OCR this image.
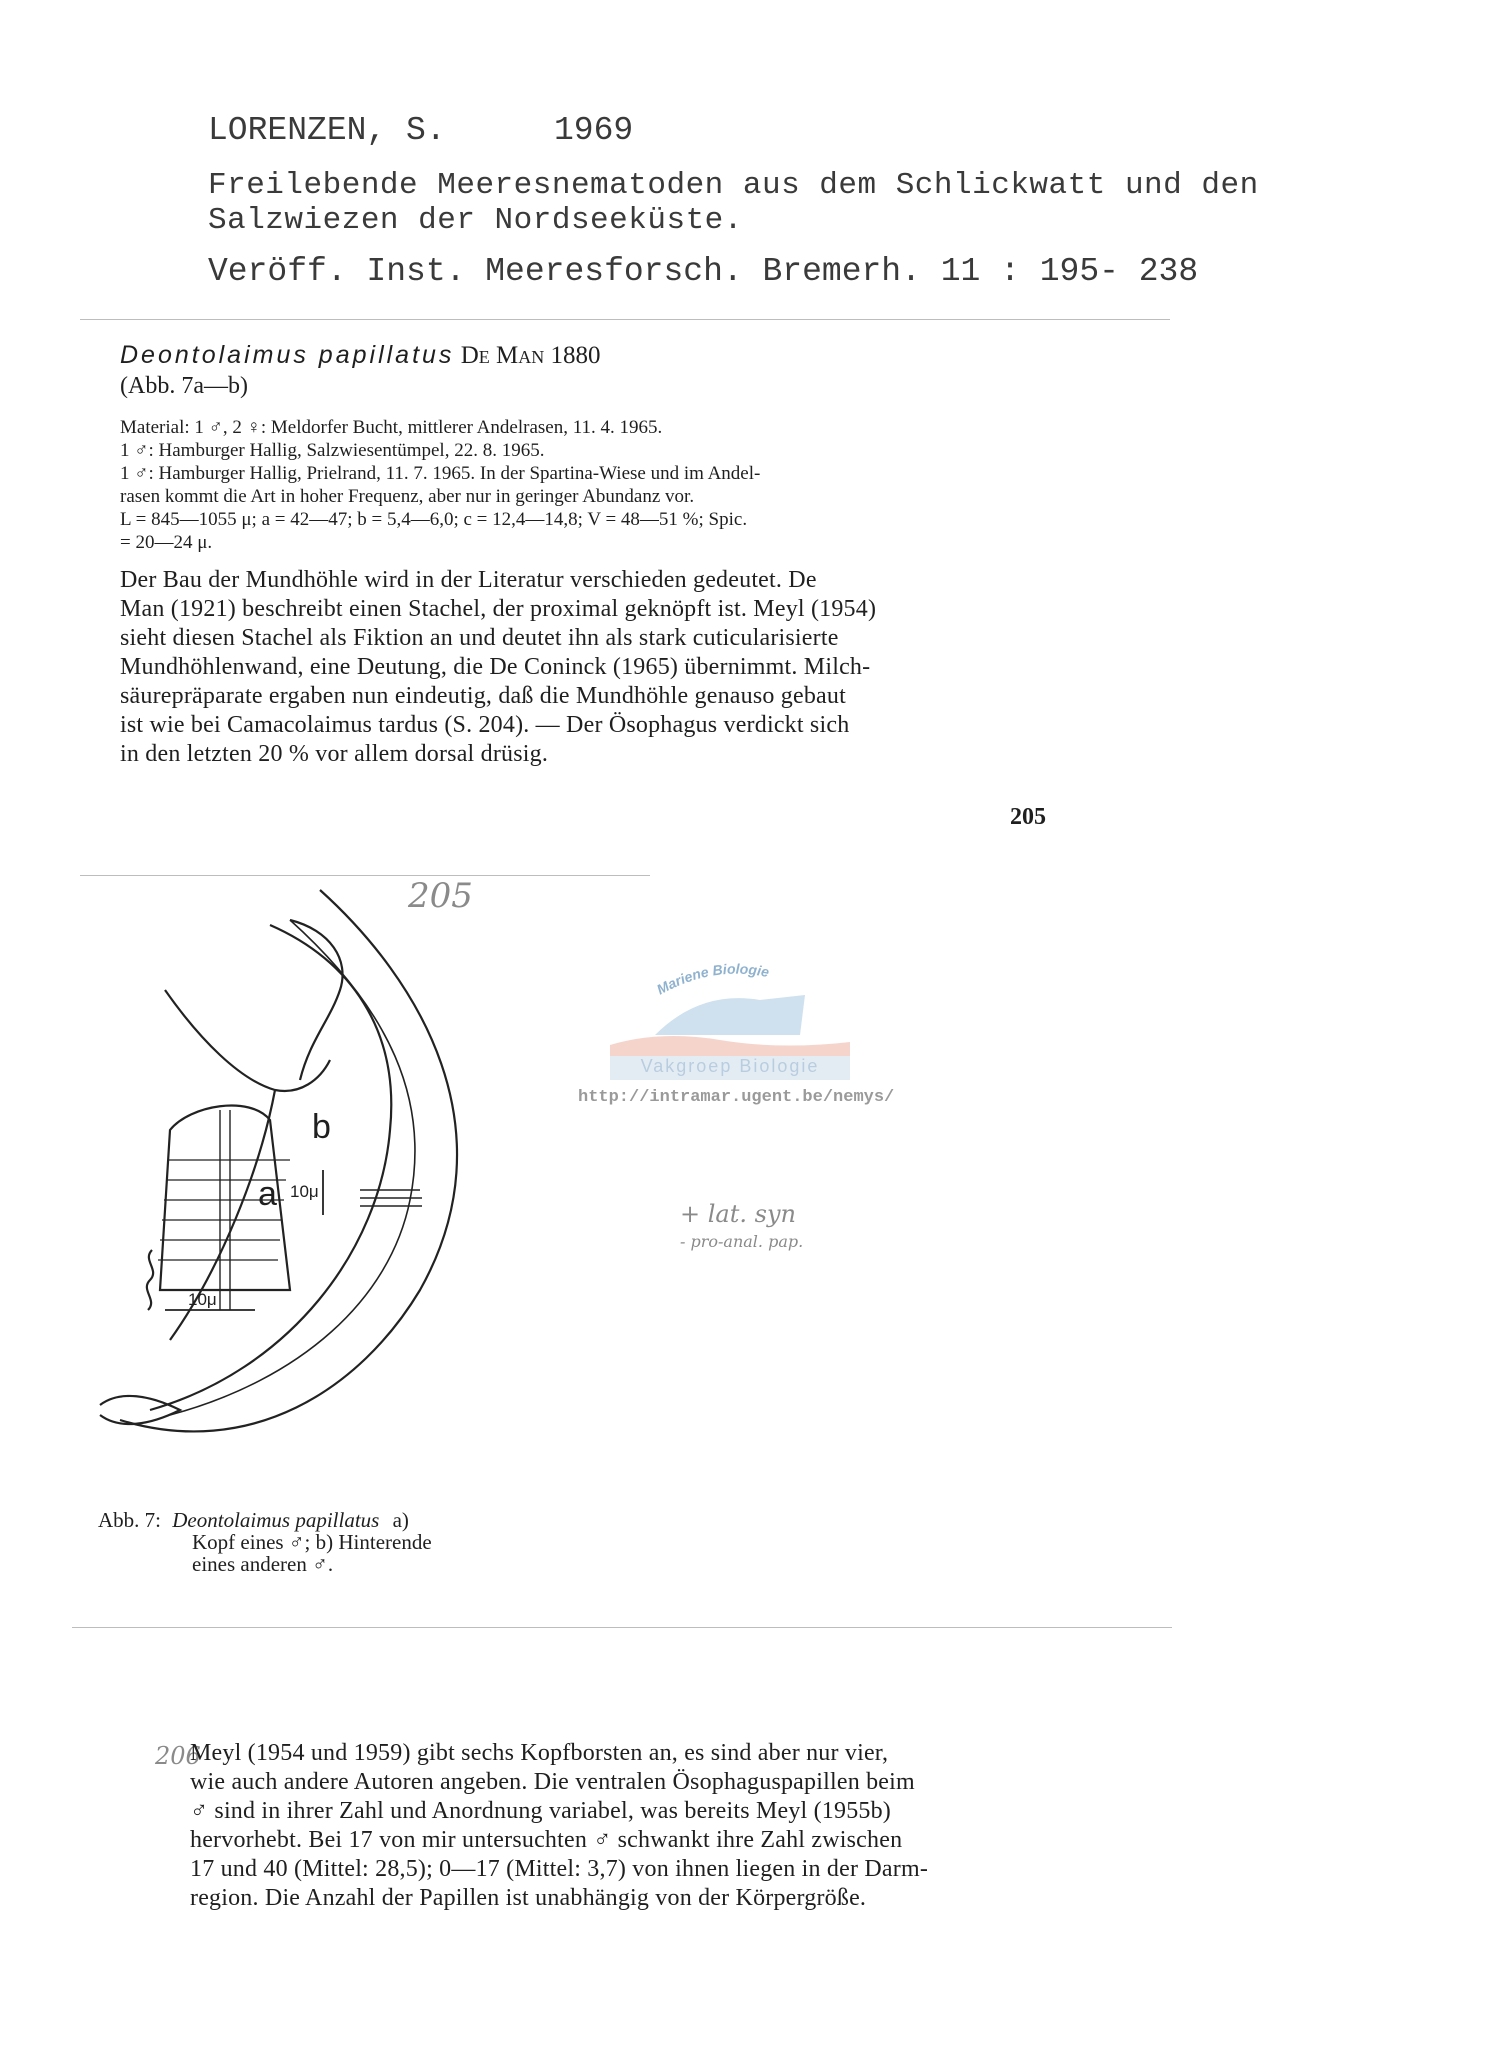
LORENZEN, S.	1969
Freilebende Meeresnematoden aus dem Schlickwatt und den
Salzwiezen der Nordseeküste.
Veröff. Inst. Meeresforsch. Bremerh. 11 : 195- 238
Deontolaimus papillatus De Man 1880
(Abb. 7a—b)
Material: 1 ♂, 2 ♀: Meldorfer Bucht, mittlerer Andelrasen, 11. 4. 1965.
1 ♂: Hamburger Hallig, Salzwiesentümpel, 22. 8. 1965.
1 ♂: Hamburger Hallig, Prielrand, 11. 7. 1965. In der Spartina-Wiese und im Andel-
rasen kommt die Art in hoher Frequenz, aber nur in geringer Abundanz vor.
L = 845—1055 μ; a = 42—47; b = 5,4—6,0; c = 12,4—14,8; V = 48—51 %; Spic.
= 20—24 μ.
Der Bau der Mundhöhle wird in der Literatur verschieden gedeutet. De
Man (1921) beschreibt einen Stachel, der proximal geknöpft ist. Meyl (1954)
sieht diesen Stachel als Fiktion an und deutet ihn als stark cuticularisierte
Mundhöhlenwand, eine Deutung, die De Coninck (1965) übernimmt. Milch-
säurepräparate ergaben nun eindeutig, daß die Mundhöhle genauso gebaut
ist wie bei Camacolaimus tardus (S. 204). — Der Ösophagus verdickt sich
in den letzten 20 % vor allem dorsal drüsig.
205
205
Mariene Biologie
Vakgroep Biologie
http://intramar.ugent.be/nemys/
a
b
10μ
10μ
+ lat. syn
- pro-anal. pap.
Abb. 7: Deontolaimus papillatus a)
Kopf eines ♂; b) Hinterende
eines anderen ♂.
206
Meyl (1954 und 1959) gibt sechs Kopfborsten an, es sind aber nur vier,
wie auch andere Autoren angeben. Die ventralen Ösophaguspapillen beim
♂ sind in ihrer Zahl und Anordnung variabel, was bereits Meyl (1955b)
hervorhebt. Bei 17 von mir untersuchten ♂ schwankt ihre Zahl zwischen
17 und 40 (Mittel: 28,5); 0—17 (Mittel: 3,7) von ihnen liegen in der Darm-
region. Die Anzahl der Papillen ist unabhängig von der Körpergröße.
